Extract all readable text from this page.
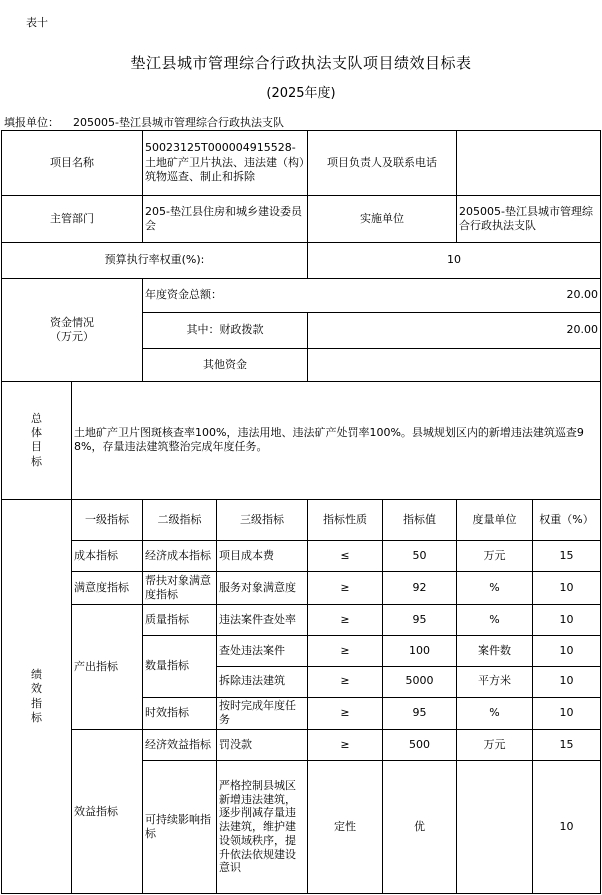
表十
垫江县城市管理综合行政执法支队项目绩效目标表
(2025年度)
填报单位： 205005-垫江县城市管理综合行政执法支队
项目名称		50023125T000004915528-土地矿产卫片执法、违法建（构）筑物巡查、制止和拆除		项目负责人及联系电话			
主管部门		205-垫江县住房和城乡建设委员会		实施单位		205005-垫江县城市管理综合行政执法支队	
预算执行率权重(%):				10			
资金情况（万元）		年度资金总额： 20.00					

		其中：财政拨款		20.00			
		其他资金					
总体目标	土地矿产卫片图斑核查率100%，违法用地、违法矿产处罚率100%。县城规划区内的新增违法建筑巡查98%，存量违法建筑整治完成年度任务。						
绩效指标	一级指标	二级指标	三级指标	指标性质	指标值	度量单位	权重（%）
	成本指标	经济成本指标	项目成本费	≤	50	万元	15
	满意度指标	帮扶对象满意度指标	服务对象满意度	≥	92	%	10
	产出指标	质量指标	违法案件查处率	≥	95	%	10
		数量指标	查处违法案件	≥	100	案件数	10
			拆除违法建筑	≥	5000	平方米	10
		时效指标	按时完成年度任务	≥	95	%	10
	效益指标	经济效益指标	罚没款	≥	500	万元	15
		可持续影响指标	严格控制县城区新增违法建筑，逐步削减存量违法建筑，维护建设领域秩序，提升依法依规建设意识	定性	优		10
